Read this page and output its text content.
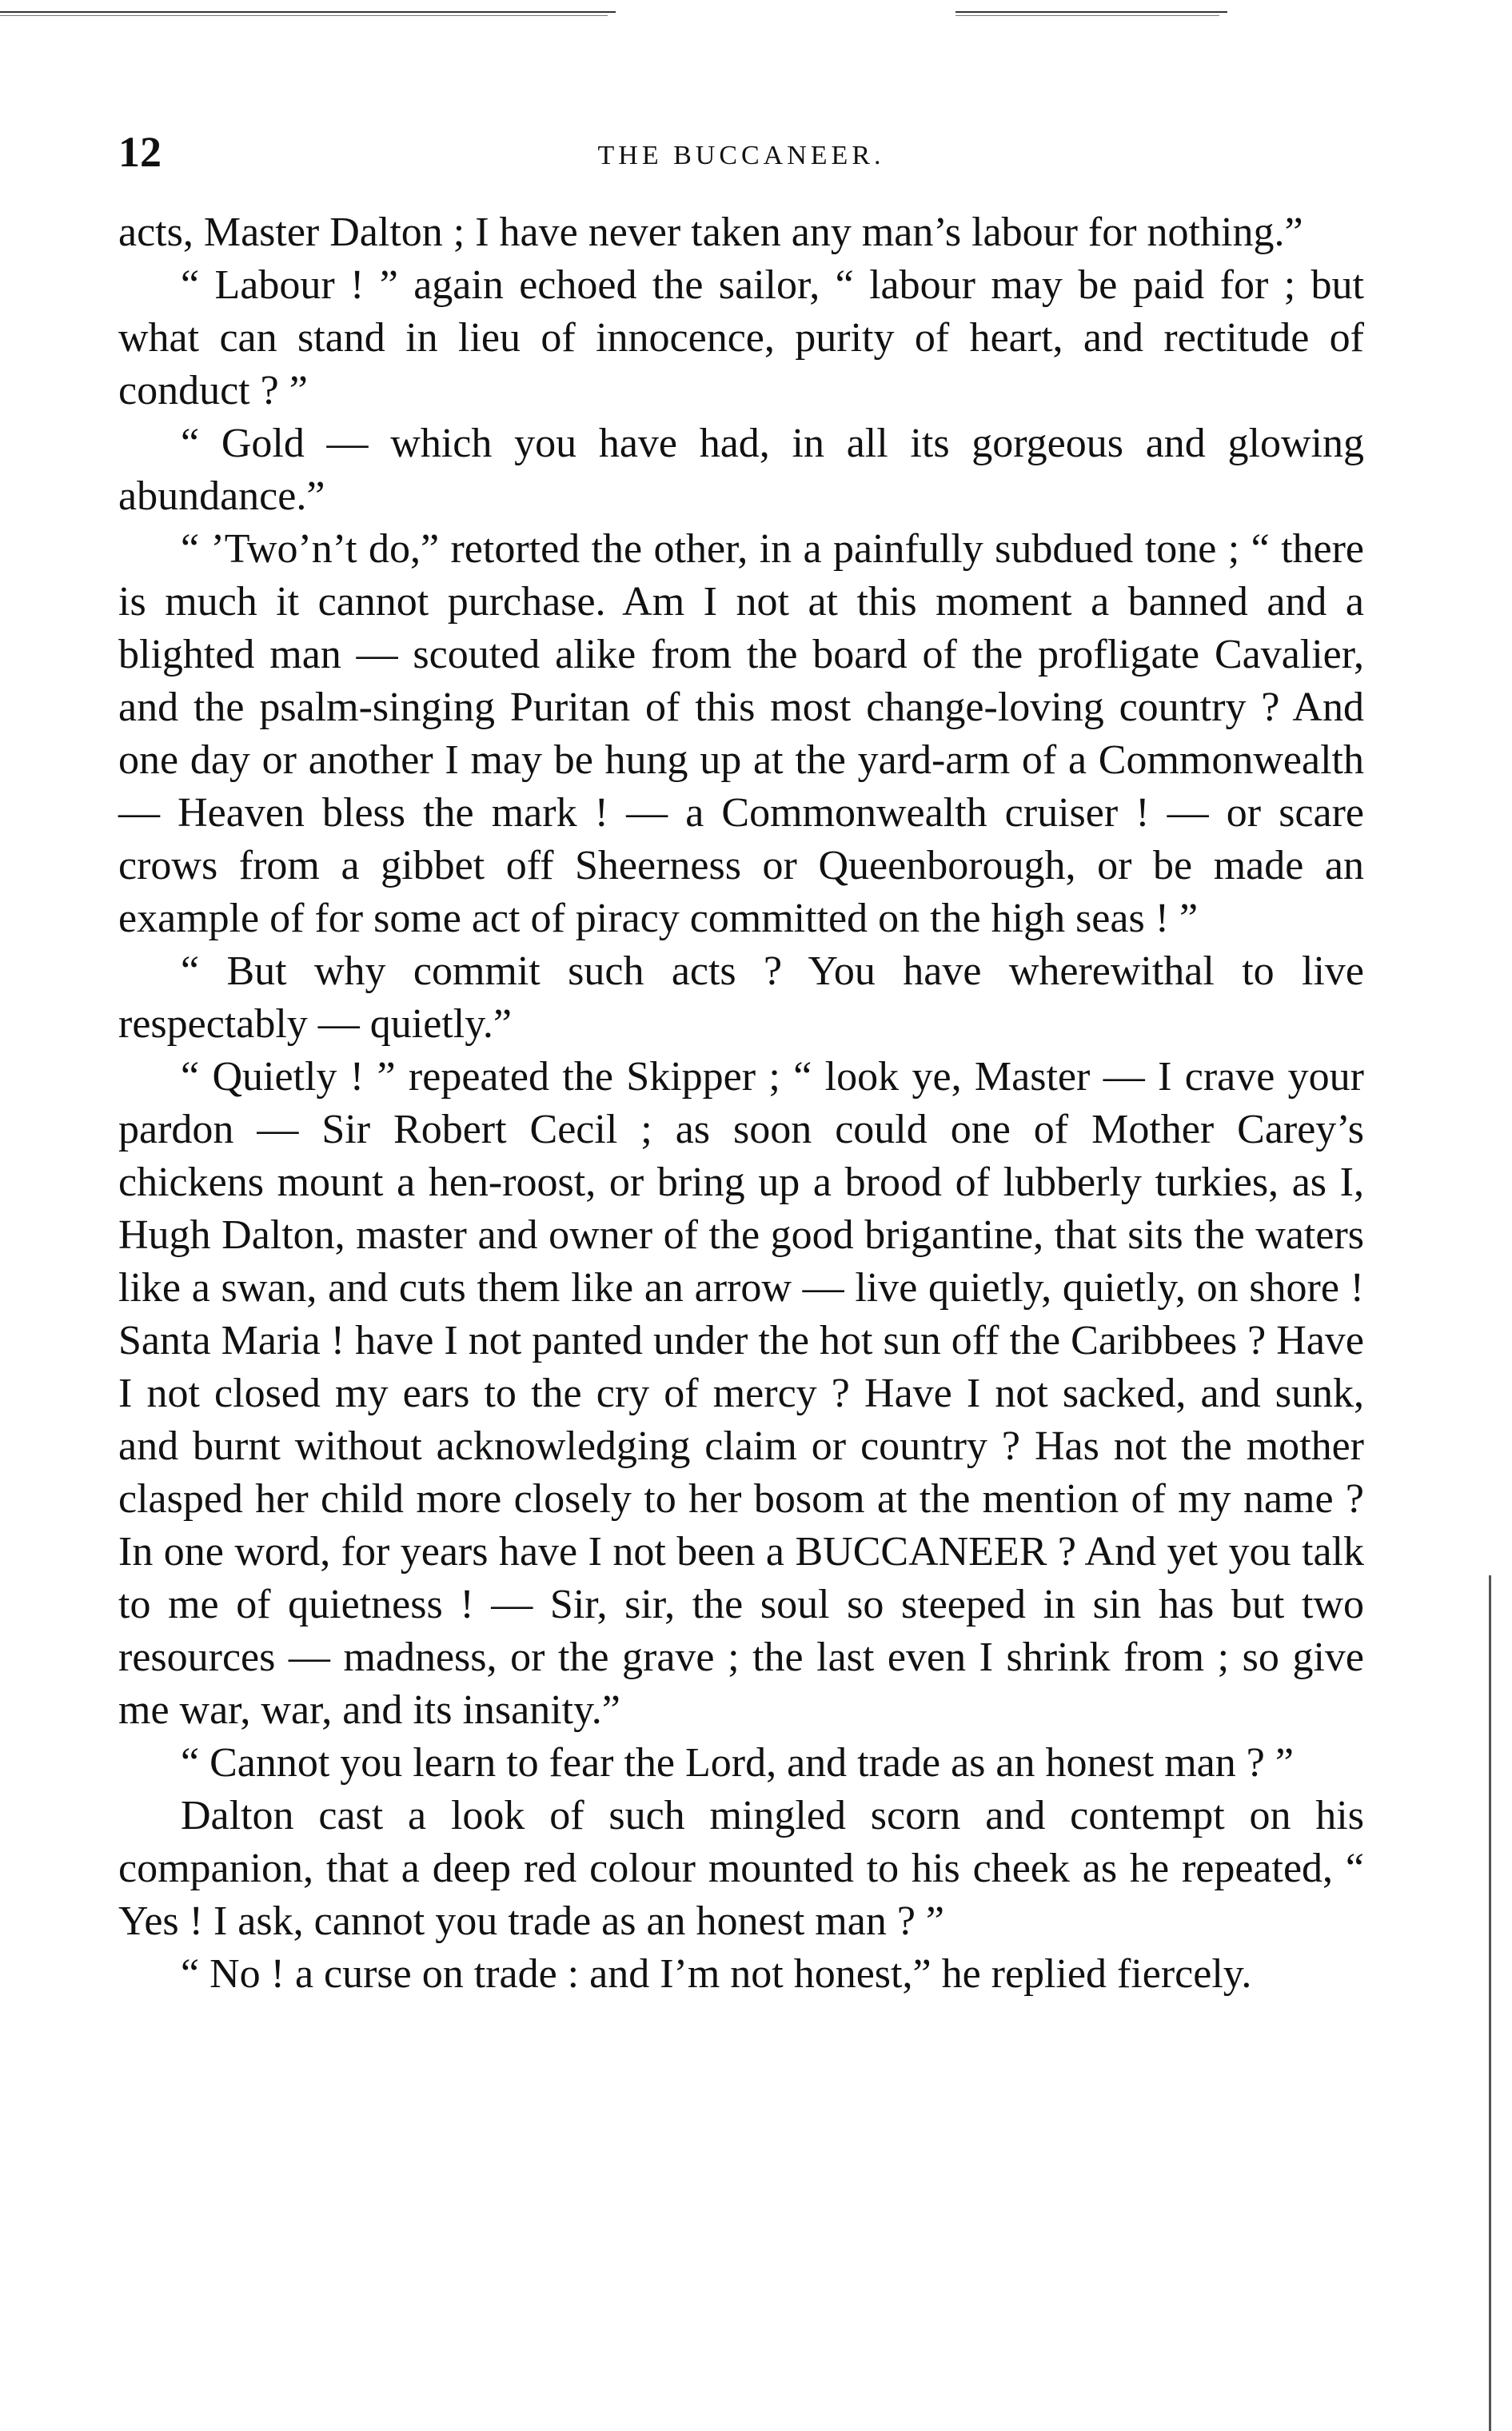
12	THE BUCCANEER.

acts, Master Dalton ; I have never taken any man’s labour for nothing.”

“ Labour ! ” again echoed the sailor, “ labour may be paid for ; but what can stand in lieu of innocence, purity of heart, and rectitude of conduct ? ”

“ Gold — which you have had, in all its gorgeous and glowing abundance.”

“ ’Two’n’t do,” retorted the other, in a painfully subdued tone ; “ there is much it cannot purchase. Am I not at this moment a banned and a blighted man — scouted alike from the board of the profligate Cavalier, and the psalm-singing Puritan of this most change-loving country ? And one day or another I may be hung up at the yard-arm of a Commonwealth — Heaven bless the mark ! — a Commonwealth cruiser ! — or scare crows from a gibbet off Sheerness or Queenborough, or be made an example of for some act of piracy committed on the high seas ! ”

“ But why commit such acts ? You have wherewithal to live respectably — quietly.”

“ Quietly ! ” repeated the Skipper ; “ look ye, Master — I crave your pardon — Sir Robert Cecil ; as soon could one of Mother Carey’s chickens mount a hen-roost, or bring up a brood of lubberly turkies, as I, Hugh Dalton, master and owner of the good brigantine, that sits the waters like a swan, and cuts them like an arrow — live quietly, quietly, on shore ! Santa Maria ! have I not panted under the hot sun off the Caribbees ? Have I not closed my ears to the cry of mercy ? Have I not sacked, and sunk, and burnt without acknowledging claim or country ? Has not the mother clasped her child more closely to her bosom at the mention of my name ? In one word, for years have I not been a BUCCANEER ? And yet you talk to me of quietness ! — Sir, sir, the soul so steeped in sin has but two resources — madness, or the grave ; the last even I shrink from ; so give me war, war, and its insanity.”

“ Cannot you learn to fear the Lord, and trade as an honest man ? ”

Dalton cast a look of such mingled scorn and contempt on his companion, that a deep red colour mounted to his cheek as he repeated, “ Yes ! I ask, cannot you trade as an honest man ? ”

“ No ! a curse on trade : and I’m not honest,” he replied fiercely.
